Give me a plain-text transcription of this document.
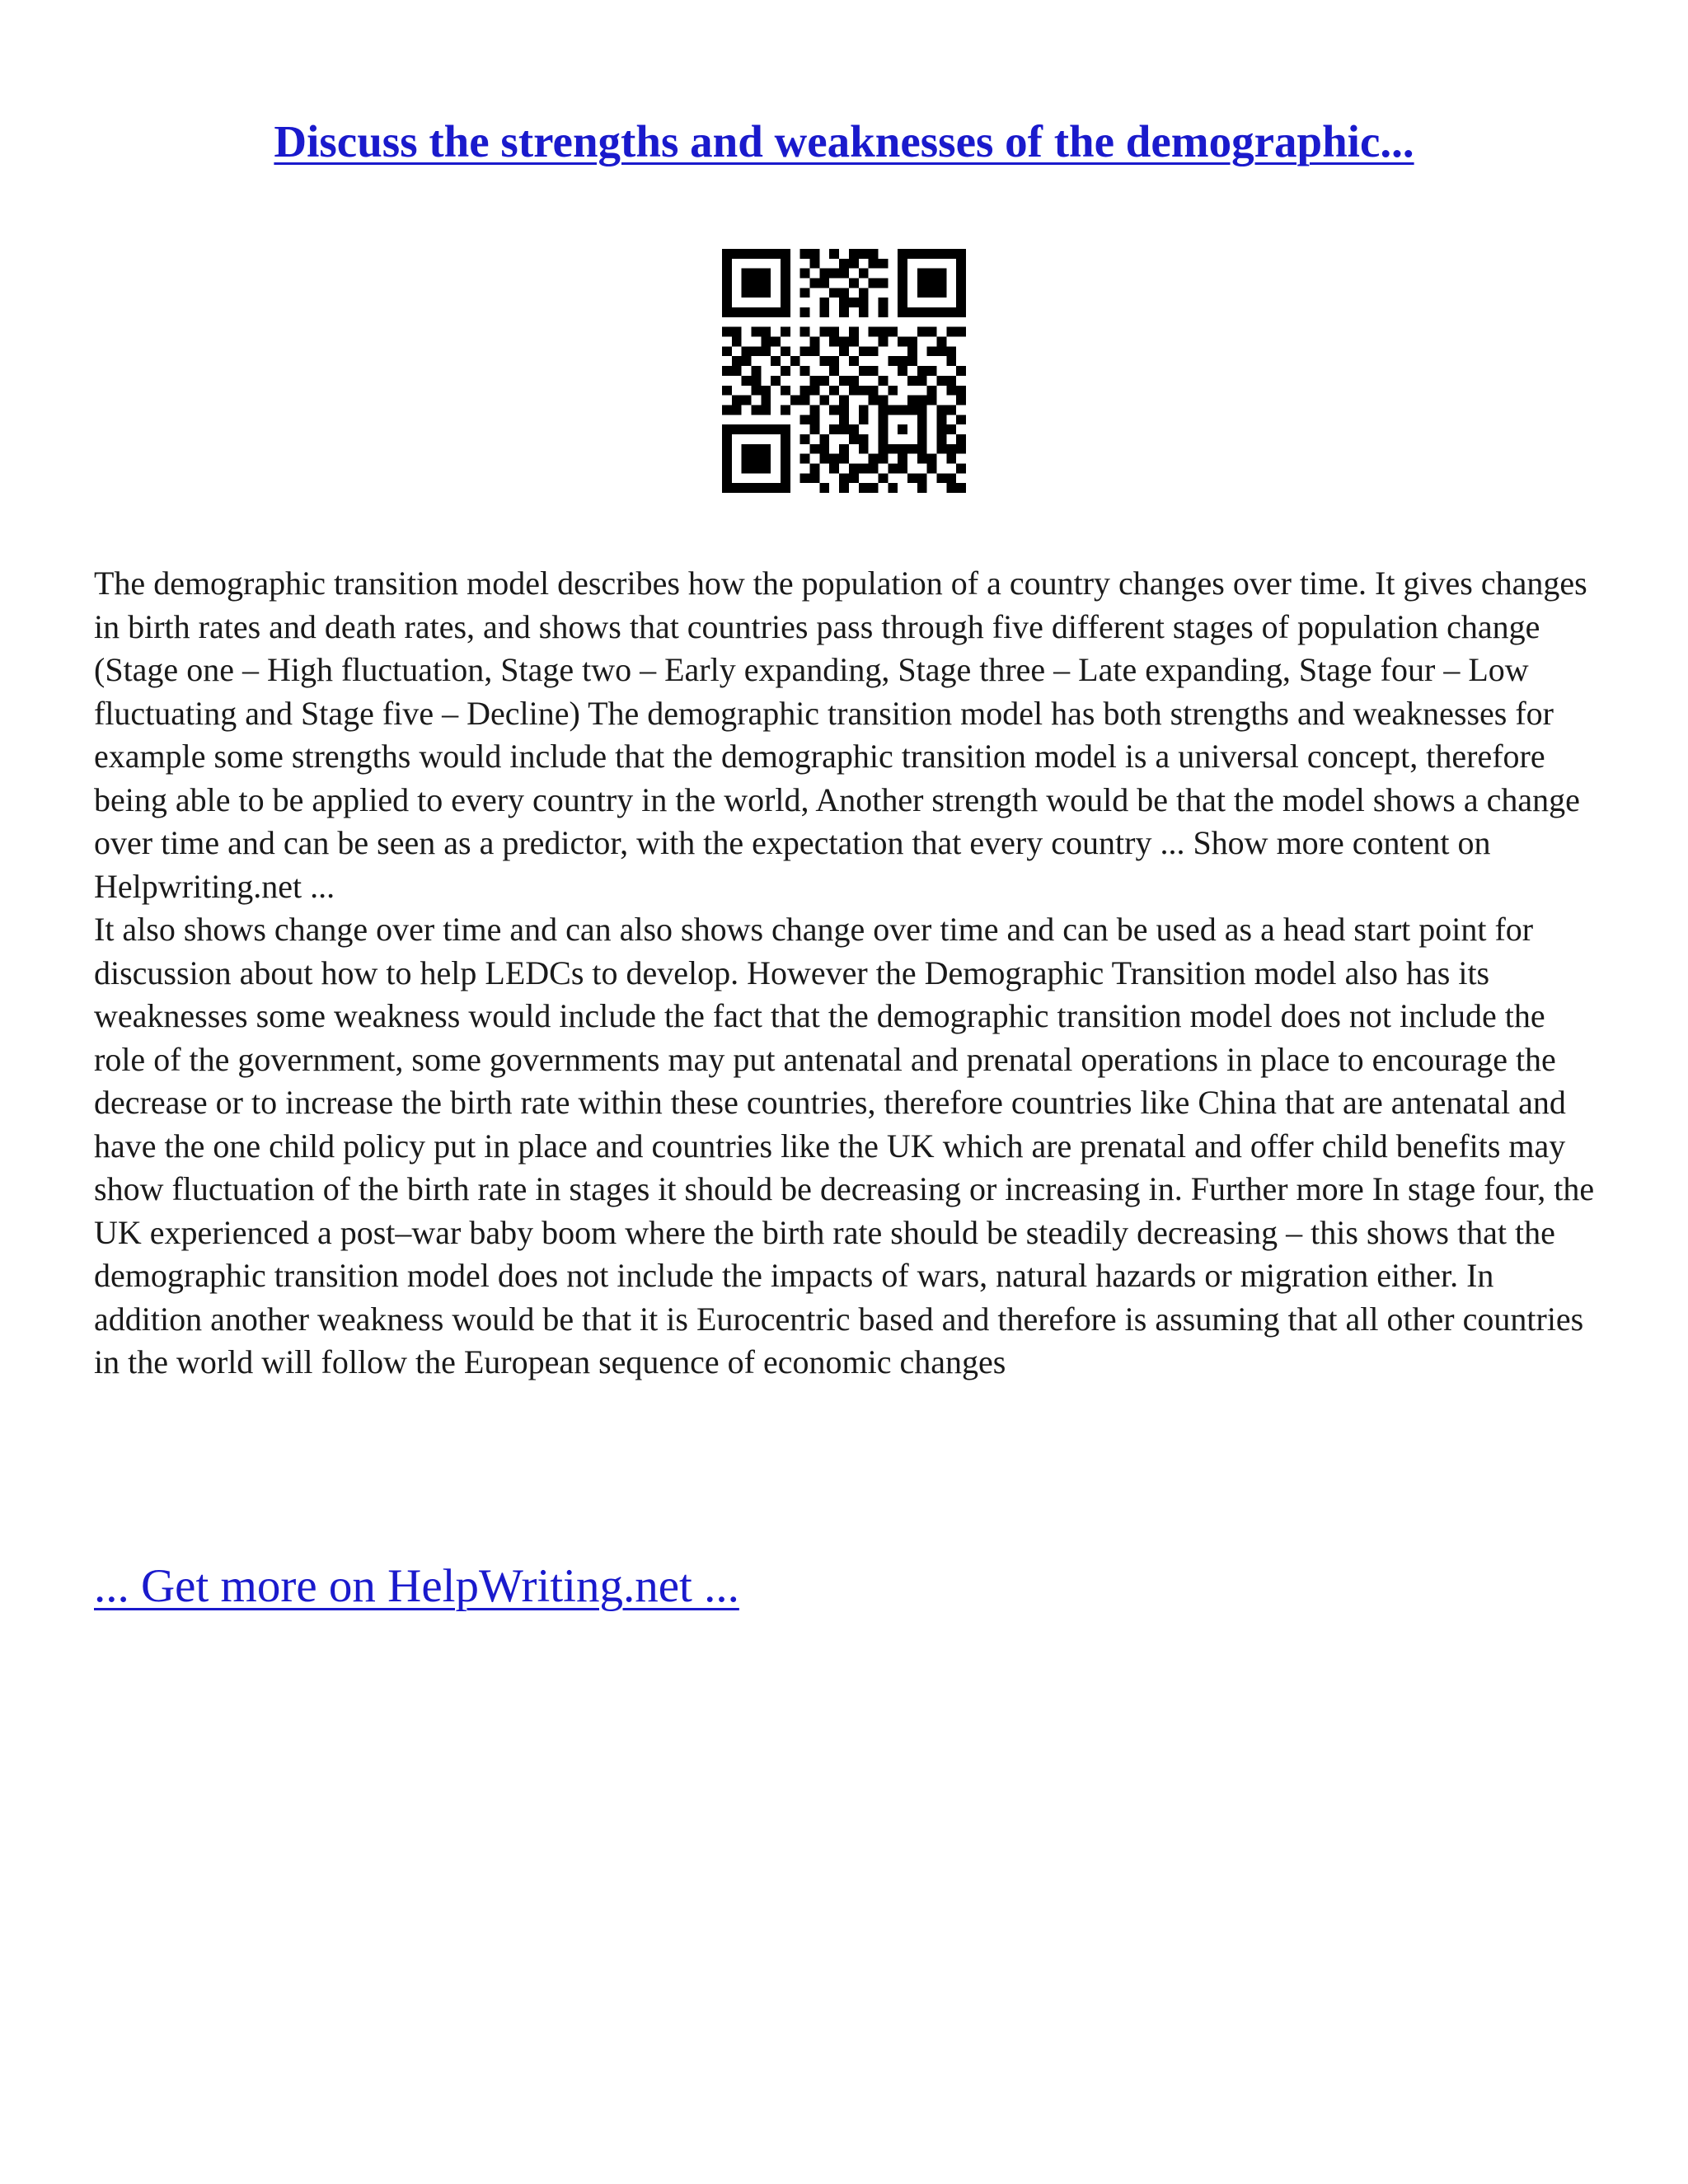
Discuss the strengths and weaknesses of the demographic...

The demographic transition model describes how the population of a country changes over time. It gives changes in birth rates and death rates, and shows that countries pass through five different stages of population change (Stage one – High fluctuation, Stage two – Early expanding, Stage three – Late expanding, Stage four – Low fluctuating and Stage five – Decline) The demographic transition model has both strengths and weaknesses for example some strengths would include that the demographic transition model is a universal concept, therefore being able to be applied to every country in the world, Another strength would be that the model shows a change over time and can be seen as a predictor, with the expectation that every country ... Show more content on Helpwriting.net ...

It also shows change over time and can also shows change over time and can be used as a head start point for discussion about how to help LEDCs to develop. However the Demographic Transition model also has its weaknesses some weakness would include the fact that the demographic transition model does not include the role of the government, some governments may put antenatal and prenatal operations in place to encourage the decrease or to increase the birth rate within these countries, therefore countries like China that are antenatal and have the one child policy put in place and countries like the UK which are prenatal and offer child benefits may show fluctuation of the birth rate in stages it should be decreasing or increasing in. Further more In stage four, the UK experienced a post–war baby boom where the birth rate should be steadily decreasing – this shows that the demographic transition model does not include the impacts of wars, natural hazards or migration either. In addition another weakness would be that it is Eurocentric based and therefore is assuming that all other countries in the world will follow the European sequence of economic changes

... Get more on HelpWriting.net ...
